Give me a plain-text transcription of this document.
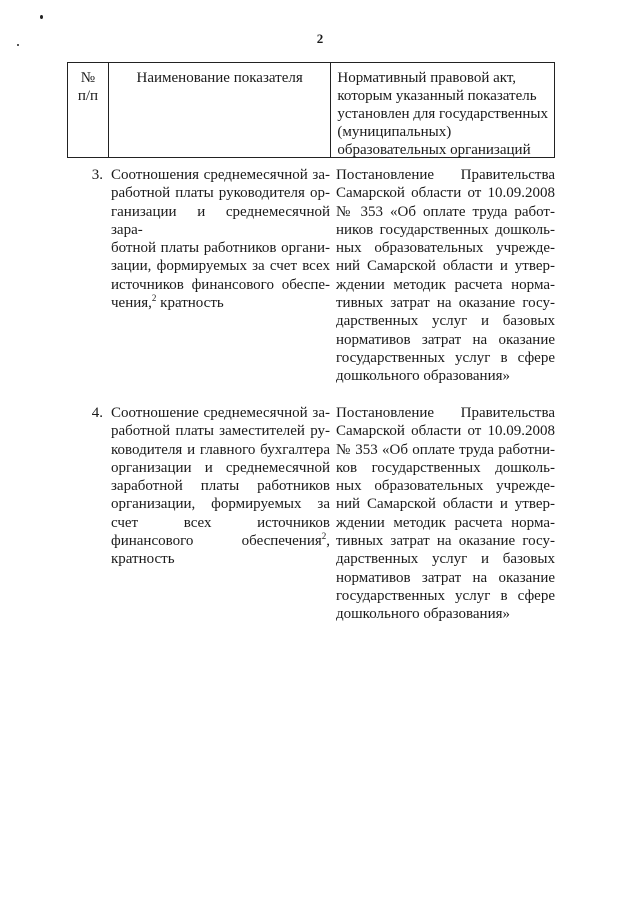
2
№ п/п
Наименование показателя	Нормативный правовой акт,
которым указанный показатель
установлен для государственных
(муниципальных)
образовательных организаций
3. Соотношения среднемесячной за-
работной платы руководителя ор-
ганизации и среднемесячной зара-
ботной платы работников органи-
зации, формируемых за счет всех
источников финансового обеспе-
чения,$^2$ кратность
Постановление Правительства
Самарской области от 10.09.2008
№ 353 «Об оплате труда работ-
ников государственных дошколь-
ных образовательных учрежде-
ний Самарской области и утвер-
ждении методик расчета норма-
тивных затрат на оказание госу-
дарственных услуг и базовых
нормативов затрат на оказание
государственных услуг в сфере
дошкольного образования»
4. Соотношение среднемесячной за-
работной платы заместителей ру-
ководителя и главного бухгалтера
организации и среднемесячной
заработной платы работников
организации, формируемых за
счет всех источников
финансового обеспечения$^2$,
кратность
Постановление Правительства
Самарской области от 10.09.2008
№ 353 «Об оплате труда работни-
ков государственных дошколь-
ных образовательных учрежде-
ний Самарской области и утвер-
ждении методик расчета норма-
тивных затрат на оказание госу-
дарственных услуг и базовых
нормативов затрат на оказание
государственных услуг в сфере
дошкольного образования»
